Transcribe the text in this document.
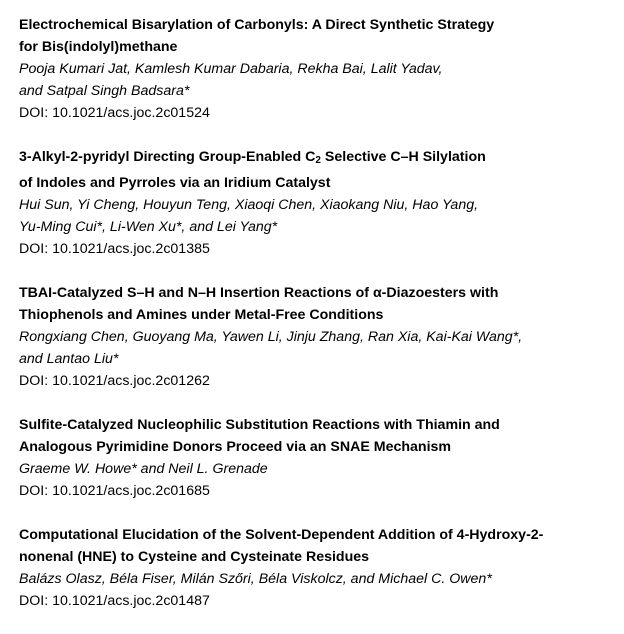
Electrochemical Bisarylation of Carbonyls: A Direct Synthetic Strategy
for Bis(indolyl)methane
Pooja Kumari Jat, Kamlesh Kumar Dabaria, Rekha Bai, Lalit Yadav,
and Satpal Singh Badsara*
DOI: 10.1021/acs.joc.2c01524
3-Alkyl-2-pyridyl Directing Group-Enabled $C_2$ Selective C–H Silylation
of Indoles and Pyrroles via an Iridium Catalyst
Hui Sun, Yi Cheng, Houyun Teng, Xiaoqi Chen, Xiaokang Niu, Hao Yang,
Yu-Ming Cui*, Li-Wen Xu*, and Lei Yang*
DOI: 10.1021/acs.joc.2c01385
TBAI-Catalyzed S–H and N–H Insertion Reactions of α-Diazoesters with
Thiophenols and Amines under Metal-Free Conditions
Rongxiang Chen, Guoyang Ma, Yawen Li, Jinju Zhang, Ran Xia, Kai-Kai Wang*,
and Lantao Liu*
DOI: 10.1021/acs.joc.2c01262
Sulfite-Catalyzed Nucleophilic Substitution Reactions with Thiamin and
Analogous Pyrimidine Donors Proceed via an SNAE Mechanism
Graeme W. Howe* and Neil L. Grenade
DOI: 10.1021/acs.joc.2c01685
Computational Elucidation of the Solvent-Dependent Addition of 4-Hydroxy-2-
nonenal (HNE) to Cysteine and Cysteinate Residues
Balázs Olasz, Béla Fiser, Milán Szőri, Béla Viskolcz, and Michael C. Owen*
DOI: 10.1021/acs.joc.2c01487
